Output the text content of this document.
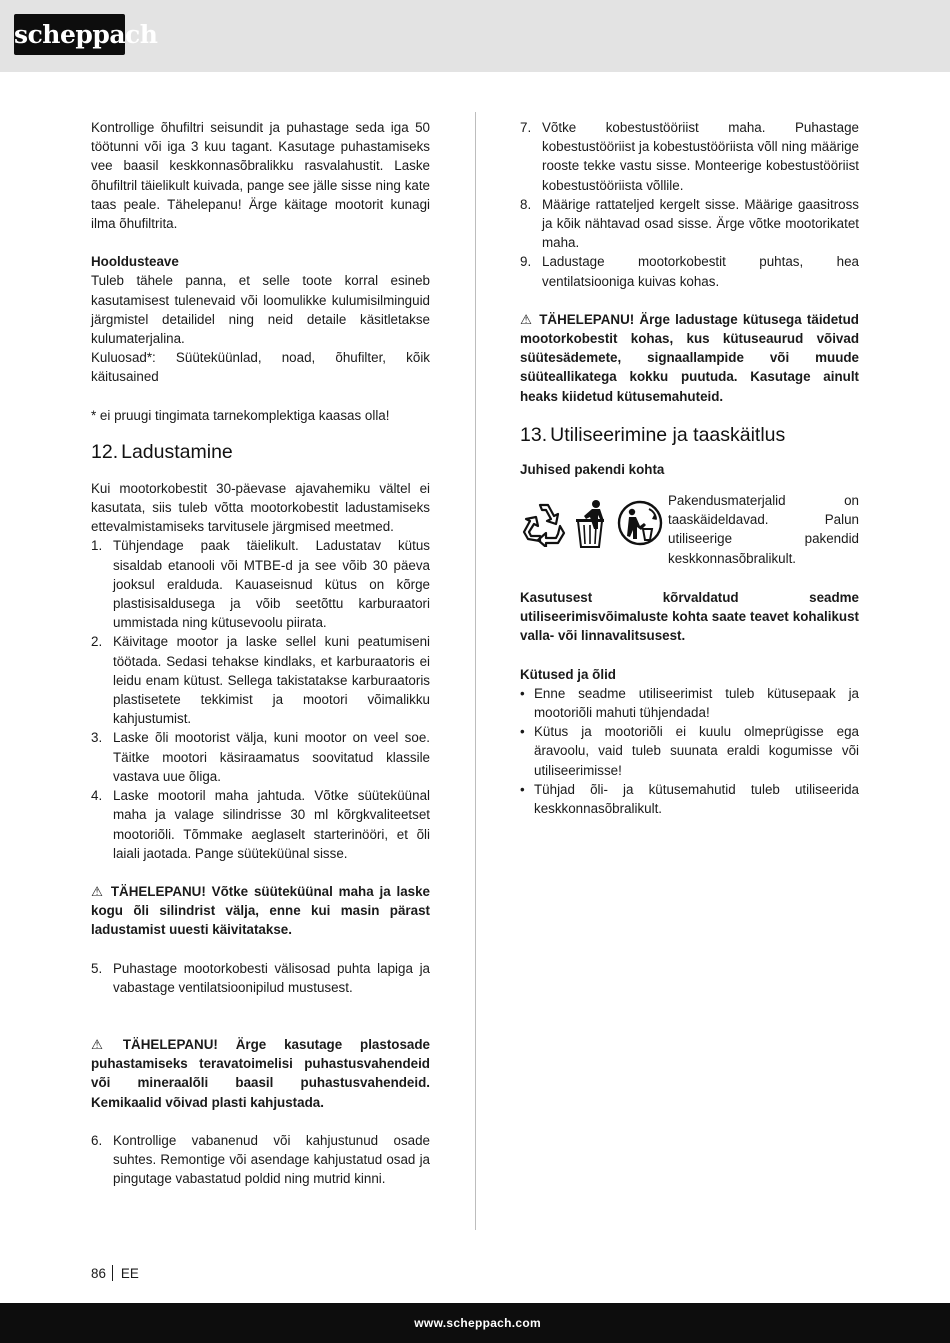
scheppach

Kontrollige õhufiltri seisundit ja puhastage seda iga 50 töötunni või iga 3 kuu tagant. Kasutage puhastamiseks vee baasil keskkonnasõbralikku rasvalahustit. Laske õhufiltril täielikult kuivada, pange see jälle sisse ning kate taas peale. Tähelepanu! Ärge käitage mootorit kunagi ilma õhufiltrita.

Hooldusteave

Tuleb tähele panna, et selle toote korral esineb kasutamisest tulenevaid või loomulikke kulumisilminguid järgmistel detailidel ning neid detaile käsitletakse kulumaterjalina.

Kuluosad*: Süüteküünlad, noad, õhufilter, kõik käitusained

* ei pruugi tingimata tarnekomplektiga kaasas olla!

12. Ladustamine

Kui mootorkobestit 30-päevase ajavahemiku vältel ei kasutata, siis tuleb võtta mootorkobestit ladustamiseks ettevalmistamiseks tarvitusele järgmised meetmed.

1. Tühjendage paak täielikult. Ladustatav kütus sisaldab etanooli või MTBE-d ja see võib 30 päeva jooksul eralduda. Kauaseisnud kütus on kõrge plastisisaldusega ja võib seetõttu karburaatori ummistada ning kütusevoolu piirata.
2. Käivitage mootor ja laske sellel kuni peatumiseni töötada. Sedasi tehakse kindlaks, et karburaatoris ei leidu enam kütust. Sellega takistatakse karburaatoris plastisetete tekkimist ja mootori võimalikku kahjustumist.
3. Laske õli mootorist välja, kuni mootor on veel soe. Täitke mootori käsiraamatus soovitatud klassile vastava uue õliga.
4. Laske mootoril maha jahtuda. Võtke süüteküünal maha ja valage silindrisse 30 ml kõrgkvaliteetset mootoriõli. Tõmmake aeglaselt starterinööri, et õli laiali jaotada. Pange süüteküünal sisse.

⚠ TÄHELEPANU! Võtke süüteküünal maha ja laske kogu õli silindrist välja, enne kui masin pärast ladustamist uuesti käivitatakse.

5. Puhastage mootorkobesti välisosad puhta lapiga ja vabastage ventilatsioonipilud mustusest.

⚠ TÄHELEPANU! Ärge kasutage plastosade puhastamiseks teravatoimelisi puhastusvahendeid või mineraalõli baasil puhastusvahendeid. Kemikaalid võivad plasti kahjustada.

6. Kontrollige vabanenud või kahjustunud osade suhtes. Remontige või asendage kahjustatud osad ja pingutage vabastatud poldid ning mutrid kinni.
7. Võtke kobestustööriist maha. Puhastage kobestustööriist ja kobestustööriista võll ning määrige rooste tekke vastu sisse. Monteerige kobestustööriist kobestustööriista võllile.
8. Määrige rattateljed kergelt sisse. Määrige gaasitross ja kõik nähtavad osad sisse. Ärge võtke mootorikatet maha.
9. Ladustage mootorkobestit puhtas, hea ventilatsiooniga kuivas kohas.

⚠ TÄHELEPANU! Ärge ladustage kütusega täidetud mootorkobestit kohas, kus kütuseaurud võivad süütesädemete, signaallampide või muude süüteallikatega kokku puutuda. Kasutage ainult heaks kiidetud kütusemahuteid.

13. Utiliseerimine ja taaskäitlus

Juhised pakendi kohta

Pakendusmaterjalid on taaskäideldavad. Palun utiliseerige pakendid keskkonnasõbralikult.

Kasutusest kõrvaldatud seadme utiliseerimisvõimaluste kohta saate teavet kohalikust valla- või linnavalitsusest.

Kütused ja õlid

• Enne seadme utiliseerimist tuleb kütusepaak ja mootoriõli mahuti tühjendada!
• Kütus ja mootoriõli ei kuulu olmeprügisse ega äravoolu, vaid tuleb suunata eraldi kogumisse või utiliseerimisse!
• Tühjad õli- ja kütusemahutid tuleb utiliseerida keskkonnasõbralikult.
86 EE
www.scheppach.com
